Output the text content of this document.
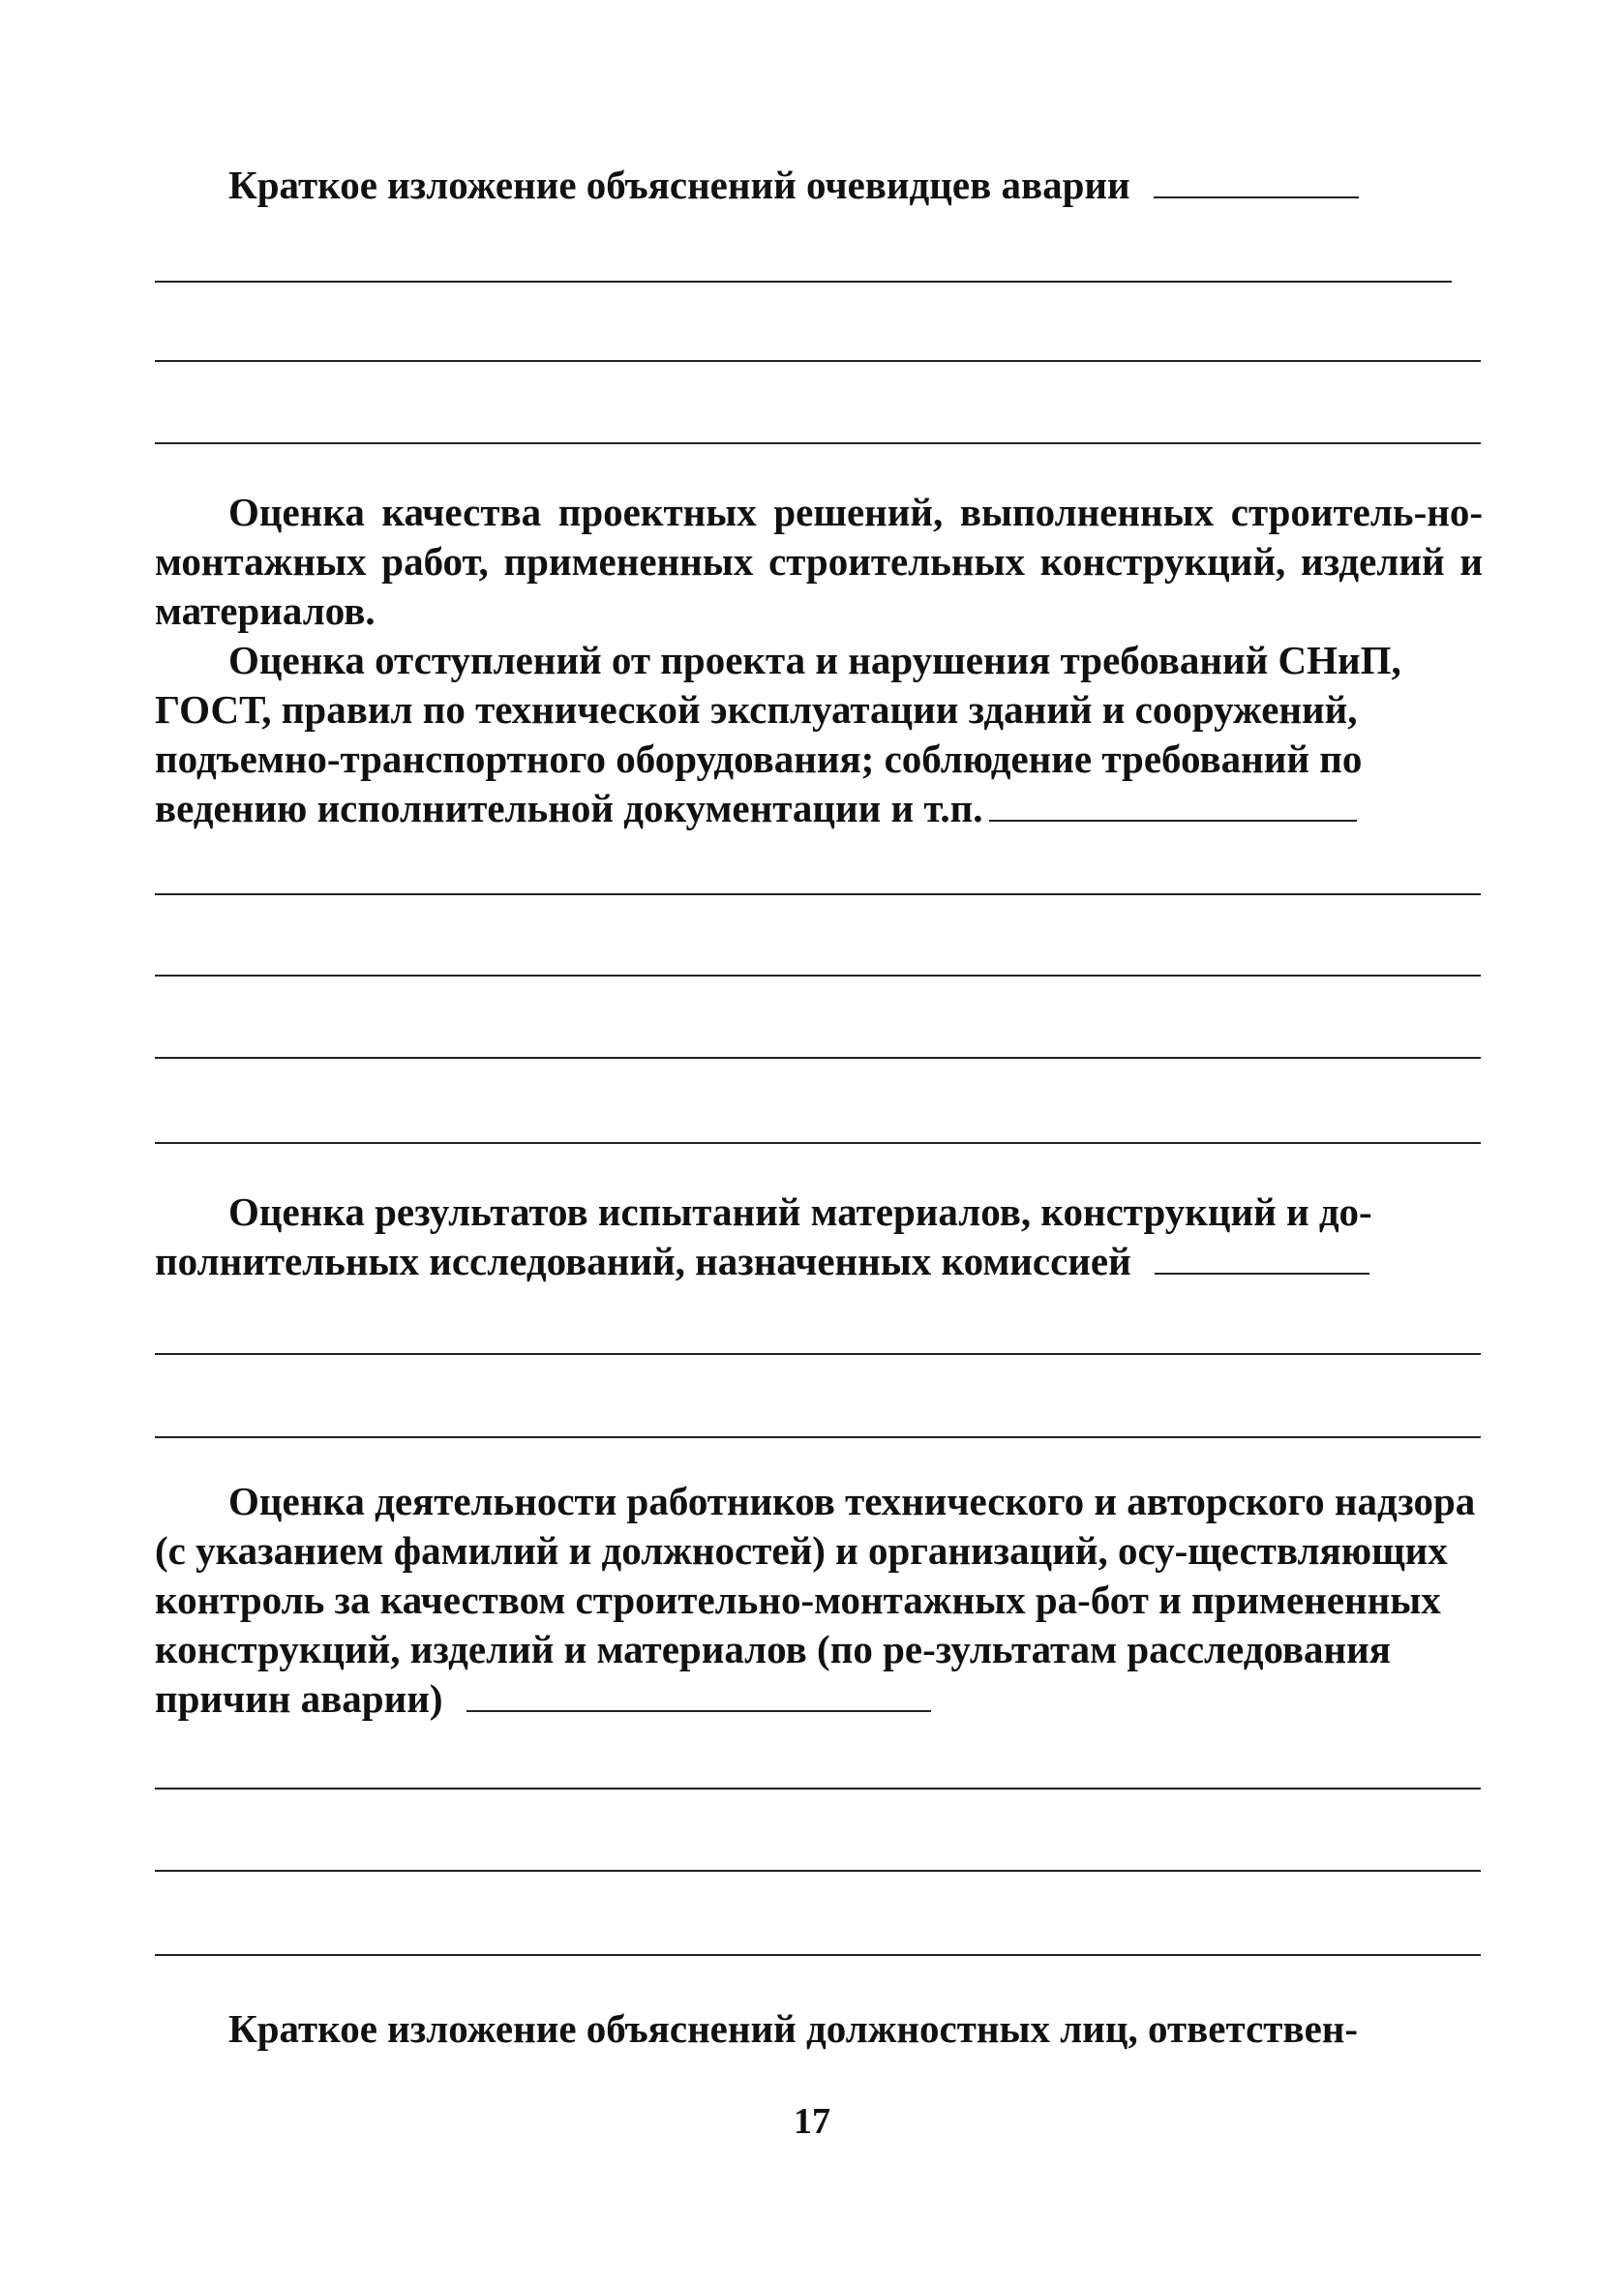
Краткое изложение объяснений очевидцев аварии

Оценка качества проектных решений, выполненных строитель-но-монтажных работ, примененных строительных конструкций, изделий и материалов.

Оценка отступлений от проекта и нарушения требований СНиП, ГОСТ, правил по технической эксплуатации зданий и сооружений, подъемно-транспортного оборудования; соблюдение требований по ведению исполнительной документации и т.п.

Оценка результатов испытаний материалов, конструкций и до-полнительных исследований, назначенных комиссией

Оценка деятельности работников технического и авторского надзора (с указанием фамилий и должностей) и организаций, осу-ществляющих контроль за качеством строительно-монтажных ра-бот и примененных конструкций, изделий и материалов (по ре-зультатам расследования причин аварии)

Краткое изложение объяснений должностных лиц, ответствен-

17
